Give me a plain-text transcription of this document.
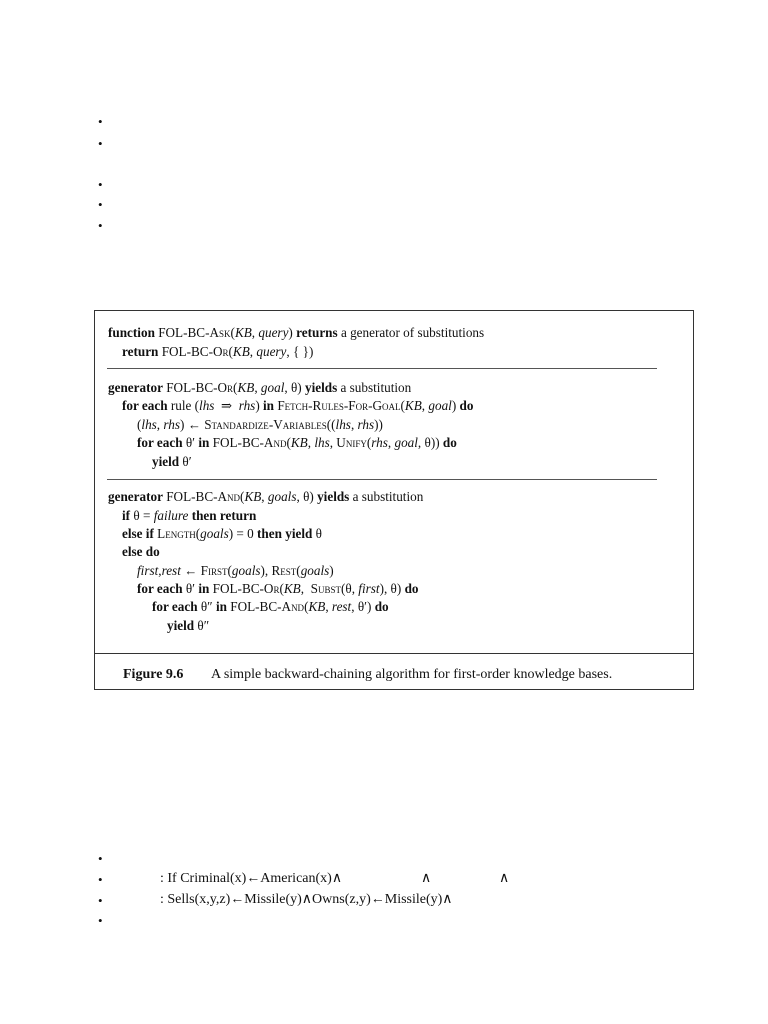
•
•
•
•
•
function FOL-BC-Ask(KB, query) returns a generator of substitutions
return FOL-BC-Or(KB, query, { })
generator FOL-BC-Or(KB, goal, θ) yields a substitution
for each rule (lhs  ⇒  rhs) in Fetch-Rules-For-Goal(KB, goal) do
(lhs, rhs) ← Standardize-Variables((lhs, rhs))
for each θ′ in FOL-BC-And(KB, lhs, Unify(rhs, goal, θ)) do
yield θ′
generator FOL-BC-And(KB, goals, θ) yields a substitution
if θ = failure then return
else if Length(goals) = 0 then yield θ
else do
first,rest ← First(goals), Rest(goals)
for each θ′ in FOL-BC-Or(KB,  Subst(θ, first), θ) do
for each θ″ in FOL-BC-And(KB, rest, θ′) do
yield θ″
Figure 9.6 A simple backward-chaining algorithm for first-order knowledge bases.
•
•	: If Criminal(x)←American(x)∧	∧	∧
•	: Sells(x,y,z)←Missile(y)∧Owns(z,y)←Missile(y)∧
•
